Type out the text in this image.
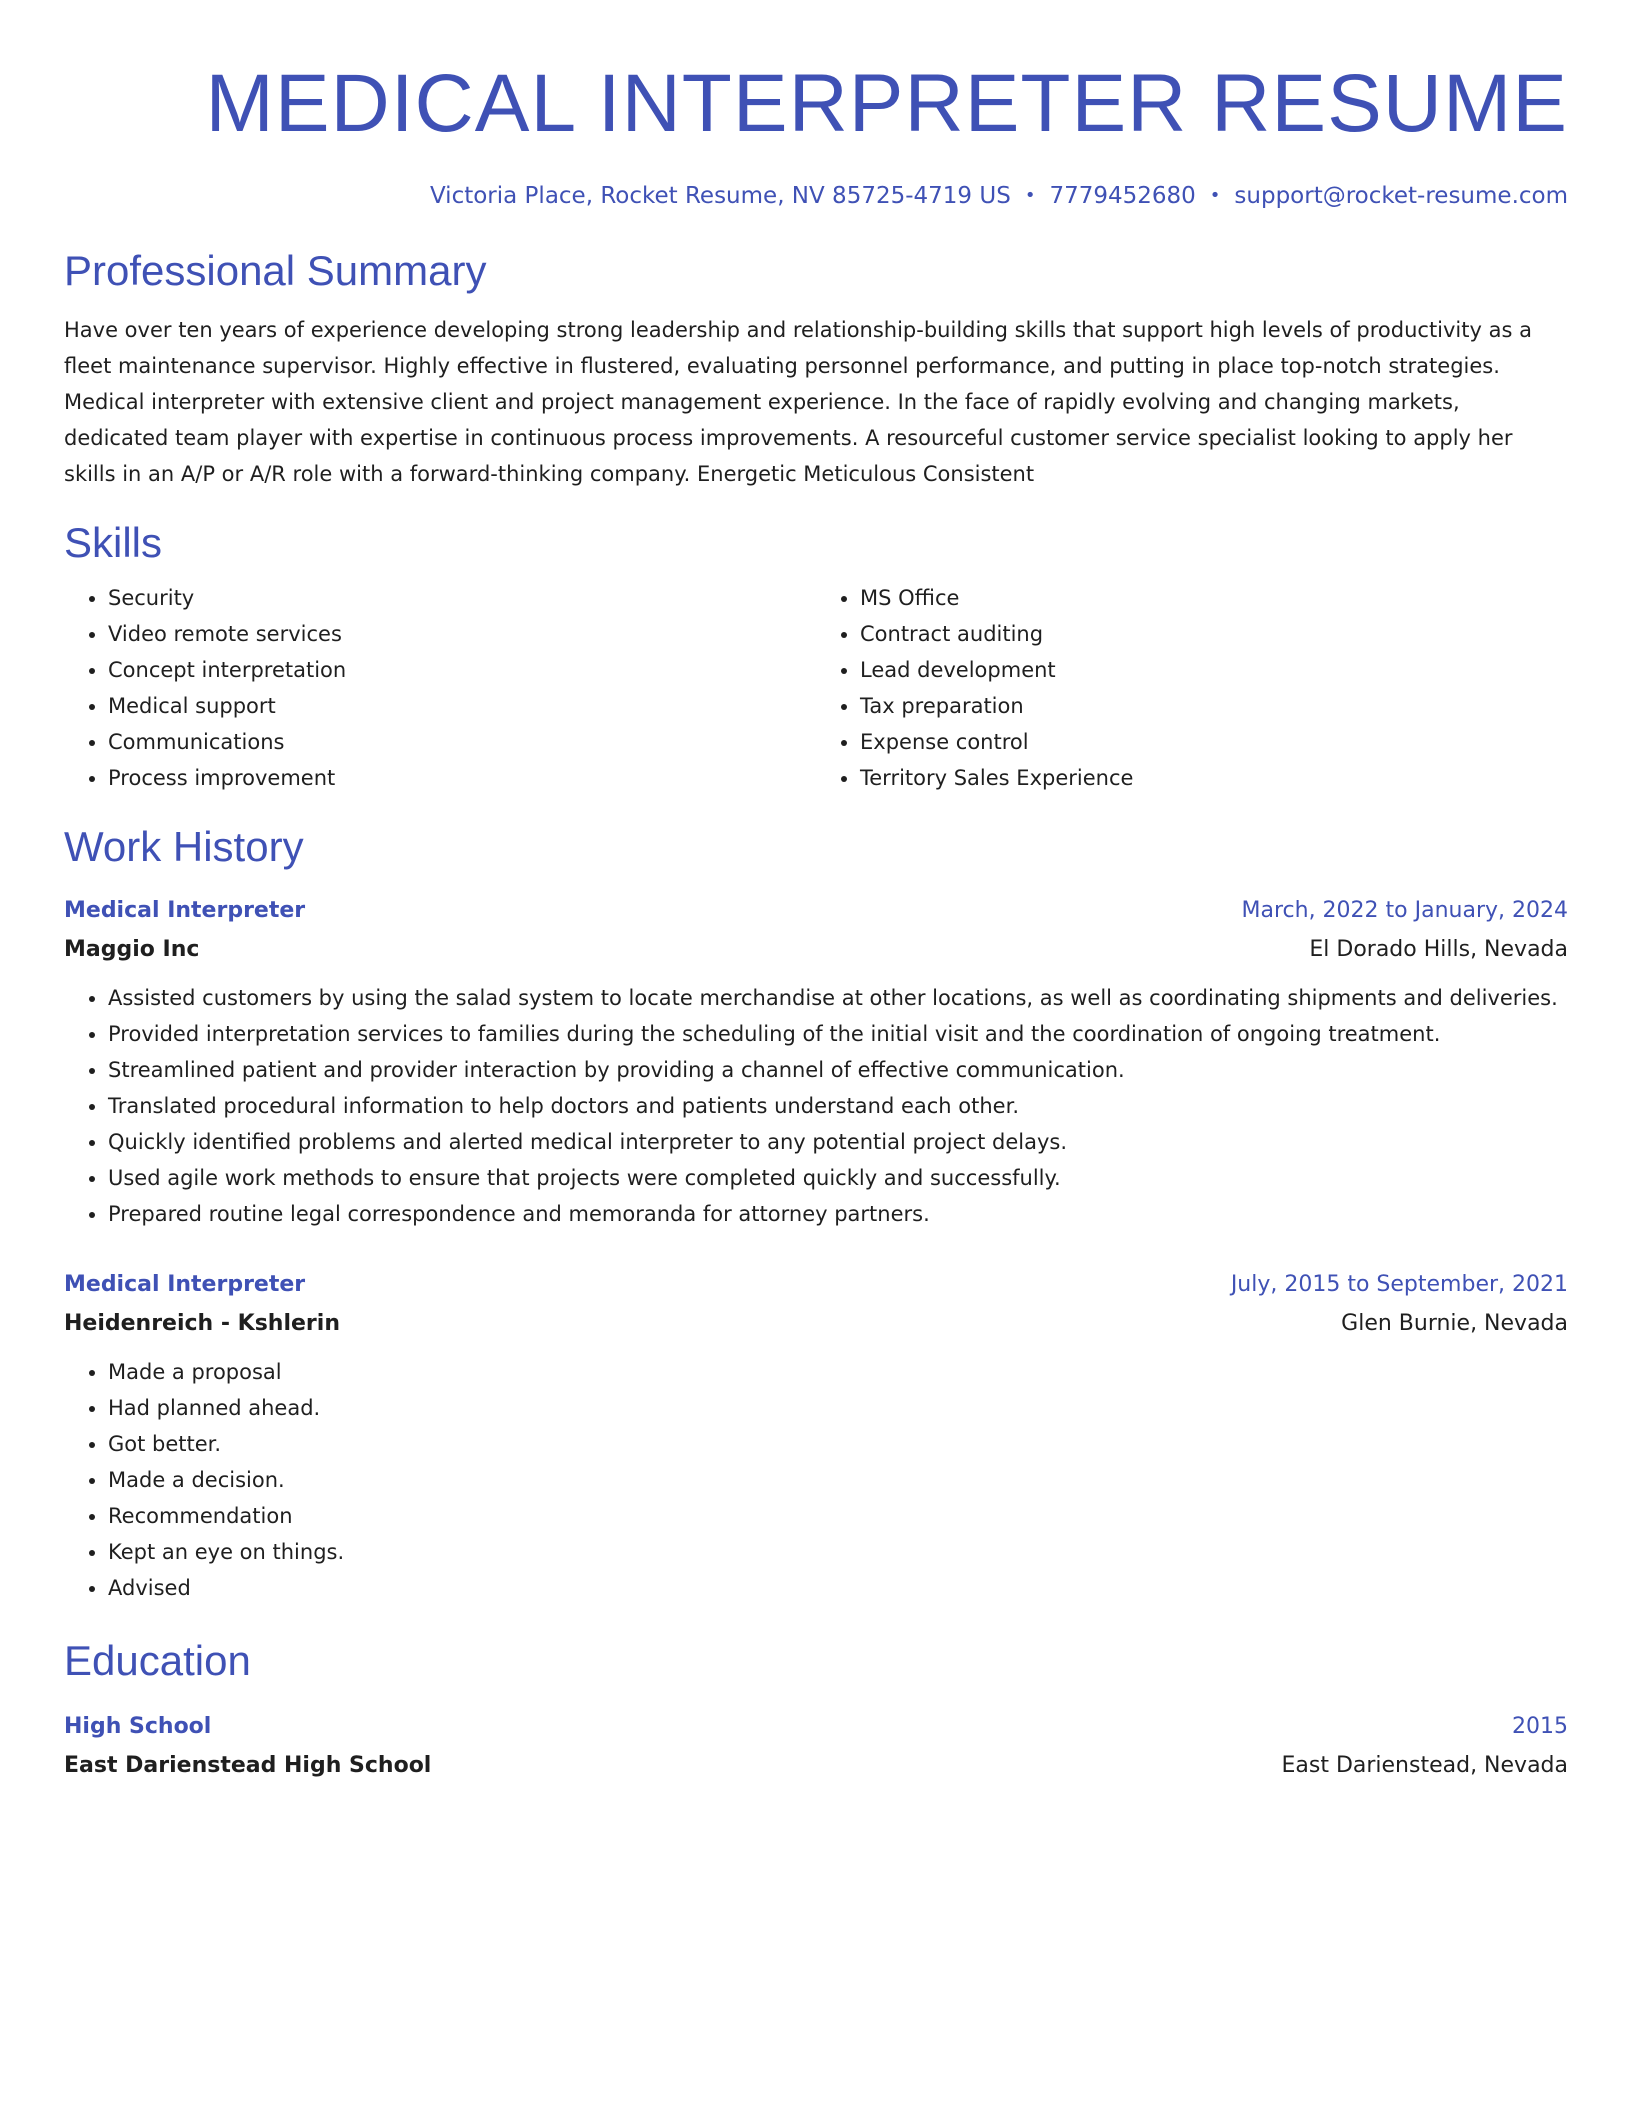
MEDICAL INTERPRETER RESUME
Victoria Place, Rocket Resume, NV 85725-4719 US • 7779452680 • support@rocket-resume.com
Professional Summary

Have over ten years of experience developing strong leadership and relationship-building skills that support high levels of productivity as a fleet maintenance supervisor. Highly effective in flustered, evaluating personnel performance, and putting in place top-notch strategies. Medical interpreter with extensive client and project management experience. In the face of rapidly evolving and changing markets, dedicated team player with expertise in continuous process improvements. A resourceful customer service specialist looking to apply her skills in an A/P or A/R role with a forward-thinking company. Energetic Meticulous Consistent

Skills
• Security
• Video remote services
• Concept interpretation
• Medical support
• Communications
• Process improvement
• MS Office
• Contract auditing
• Lead development
• Tax preparation
• Expense control
• Territory Sales Experience
Work History
Medical Interpreter	March, 2022 to January, 2024
Maggio Inc	El Dorado Hills, Nevada
• Assisted customers by using the salad system to locate merchandise at other locations, as well as coordinating shipments and deliveries.
• Provided interpretation services to families during the scheduling of the initial visit and the coordination of ongoing treatment.
• Streamlined patient and provider interaction by providing a channel of effective communication.
• Translated procedural information to help doctors and patients understand each other.
• Quickly identified problems and alerted medical interpreter to any potential project delays.
• Used agile work methods to ensure that projects were completed quickly and successfully.
• Prepared routine legal correspondence and memoranda for attorney partners.
Medical Interpreter	July, 2015 to September, 2021
Heidenreich - Kshlerin	Glen Burnie, Nevada
• Made a proposal
• Had planned ahead.
• Got better.
• Made a decision.
• Recommendation
• Kept an eye on things.
• Advised
Education
High School	2015
East Darienstead High School	East Darienstead, Nevada
